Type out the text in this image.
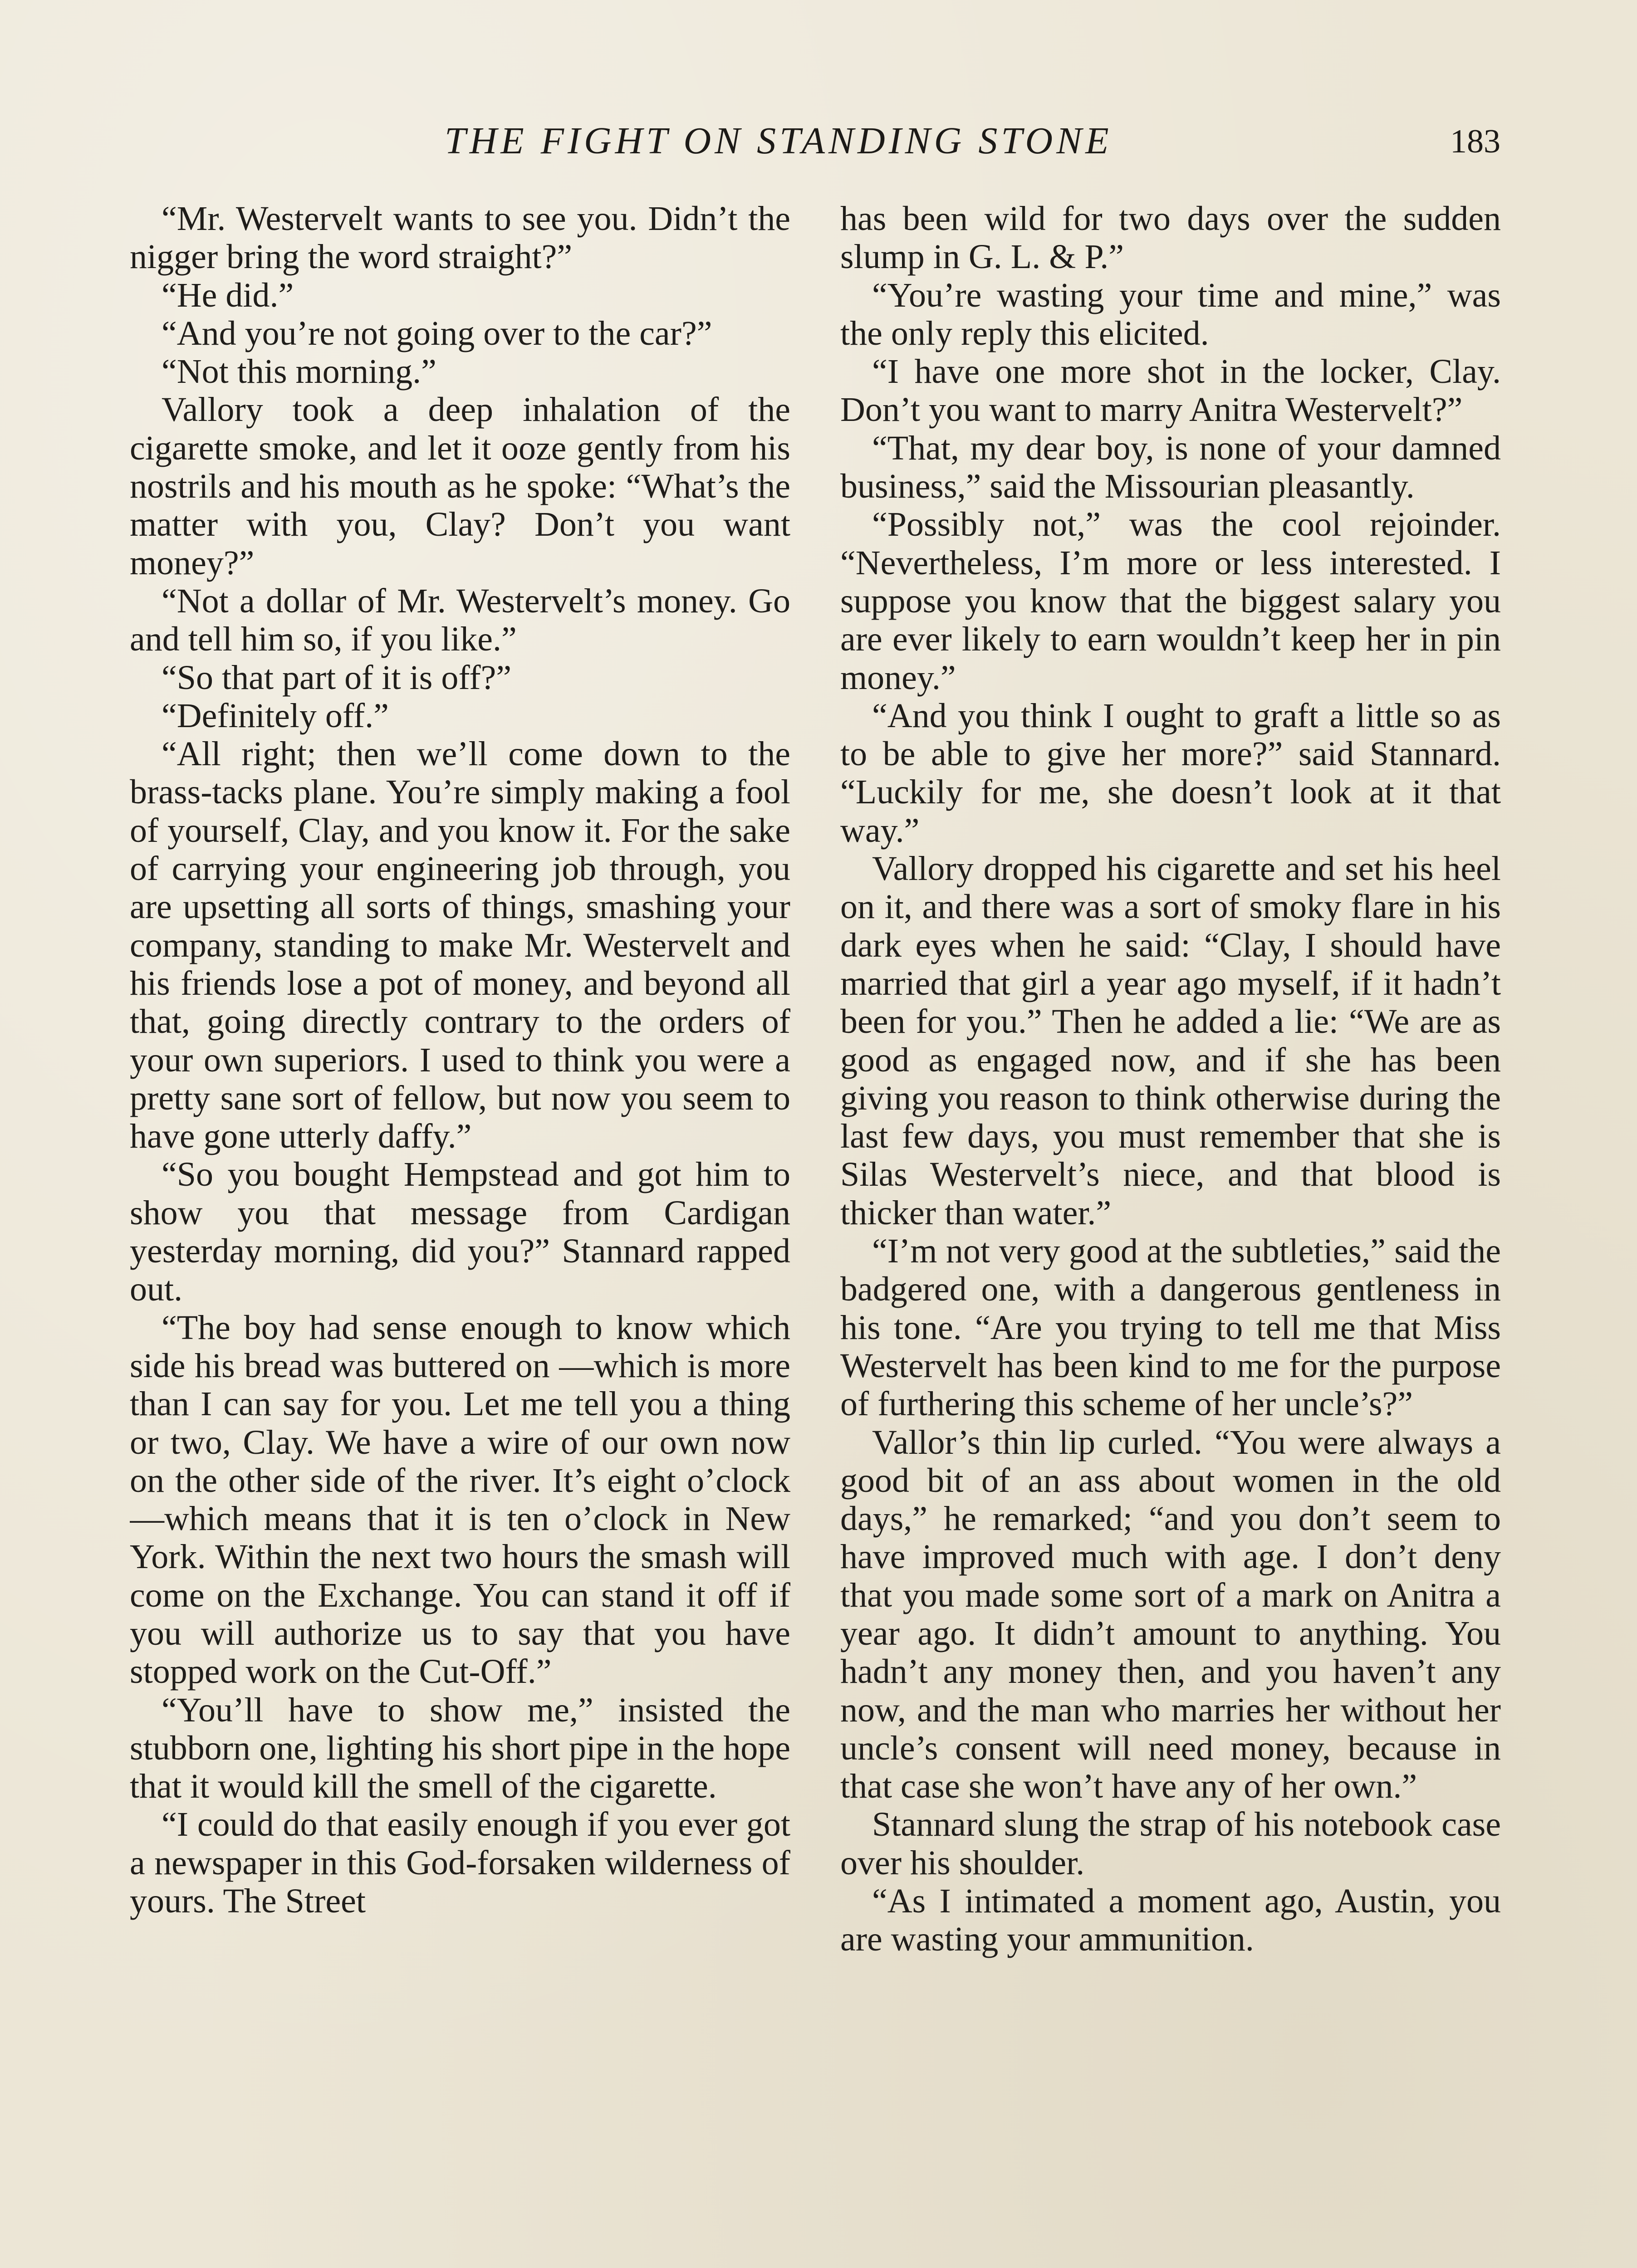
THE FIGHT ON STANDING STONE	183

“Mr. Westervelt wants to see you. Didn’t the nigger bring the word straight?”

“He did.”

“And you’re not going over to the car?”

“Not this morning.”

Vallory took a deep inhalation of the cigarette smoke, and let it ooze gently from his nostrils and his mouth as he spoke: “What’s the matter with you, Clay? Don’t you want money?”

“Not a dollar of Mr. Westervelt’s money. Go and tell him so, if you like.”

“So that part of it is off?”

“Definitely off.”

“All right; then we’ll come down to the brass-tacks plane. You’re simply making a fool of yourself, Clay, and you know it. For the sake of carrying your engineering job through, you are upsetting all sorts of things, smashing your company, standing to make Mr. Westervelt and his friends lose a pot of money, and beyond all that, going directly contrary to the orders of your own superiors. I used to think you were a pretty sane sort of fellow, but now you seem to have gone utterly daffy.”

“So you bought Hempstead and got him to show you that message from Cardigan yesterday morning, did you?” Stannard rapped out.

“The boy had sense enough to know which side his bread was buttered on —which is more than I can say for you. Let me tell you a thing or two, Clay. We have a wire of our own now on the other side of the river. It’s eight o’clock—which means that it is ten o’clock in New York. Within the next two hours the smash will come on the Exchange. You can stand it off if you will authorize us to say that you have stopped work on the Cut-Off.”

“You’ll have to show me,” insisted the stubborn one, lighting his short pipe in the hope that it would kill the smell of the cigarette.

“I could do that easily enough if you ever got a newspaper in this God-forsaken wilderness of yours. The Street

has been wild for two days over the sudden slump in G. L. & P.”

“You’re wasting your time and mine,” was the only reply this elicited.

“I have one more shot in the locker, Clay. Don’t you want to marry Anitra Westervelt?”

“That, my dear boy, is none of your damned business,” said the Missourian pleasantly.

“Possibly not,” was the cool rejoinder. “Nevertheless, I’m more or less interested. I suppose you know that the biggest salary you are ever likely to earn wouldn’t keep her in pin money.”

“And you think I ought to graft a little so as to be able to give her more?” said Stannard. “Luckily for me, she doesn’t look at it that way.”

Vallory dropped his cigarette and set his heel on it, and there was a sort of smoky flare in his dark eyes when he said: “Clay, I should have married that girl a year ago myself, if it hadn’t been for you.” Then he added a lie: “We are as good as engaged now, and if she has been giving you reason to think otherwise during the last few days, you must remember that she is Silas Westervelt’s niece, and that blood is thicker than water.”

“I’m not very good at the subtleties,” said the badgered one, with a dangerous gentleness in his tone. “Are you trying to tell me that Miss Westervelt has been kind to me for the purpose of furthering this scheme of her uncle’s?”

Vallor’s thin lip curled. “You were always a good bit of an ass about women in the old days,” he remarked; “and you don’t seem to have improved much with age. I don’t deny that you made some sort of a mark on Anitra a year ago. It didn’t amount to anything. You hadn’t any money then, and you haven’t any now, and the man who marries her without her uncle’s consent will need money, because in that case she won’t have any of her own.”

Stannard slung the strap of his notebook case over his shoulder.

“As I intimated a moment ago, Austin, you are wasting your ammunition.
